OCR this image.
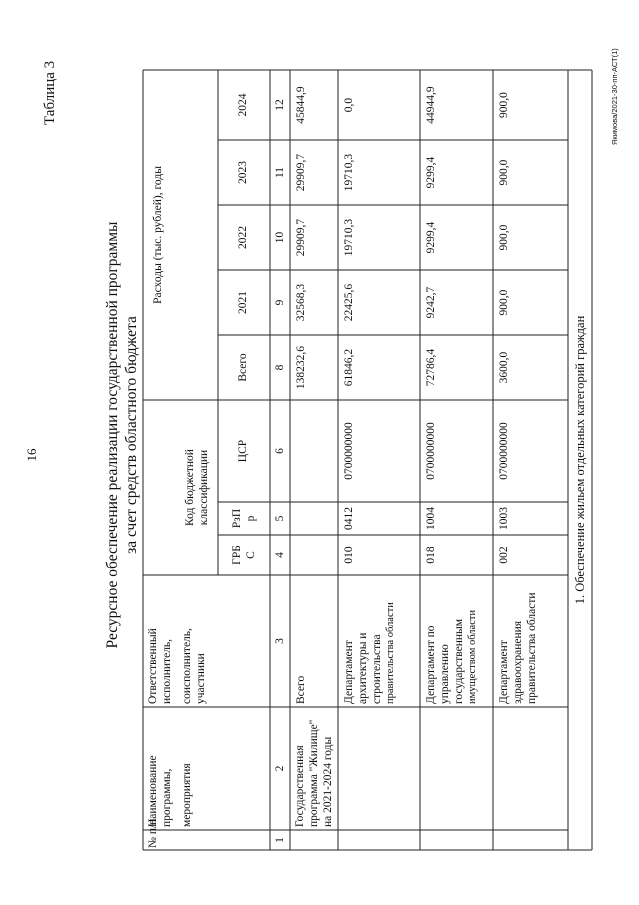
16
Таблица 3
Ресурсное обеспечение реализации государственной программы за счет средств областного бюджета
Якимова/2021-30-пп-АСТ(1)
№ п/п
Наименование программы, мероприятия
Ответственный исполнитель, соисполнитель, участники
Код бюджетной классификации
ГРБ С
РзП р
ЦСР
Расходы (тыс. рублей), годы
Всего
2021
2022
2023
2024
1
2
3
4
5
6
8
9
10
11
12
Государственная программа "Жилище" на 2021-2024 годы
Всего
138232,6
32568,3
29909,7
29909,7
45844,9
Департамент архитектуры и строительства правительства области
010
0412
0700000000
61846,2
22425,6
19710,3
19710,3
0,0
Департамент по управлению государственным имуществом области
018
1004
0700000000
72786,4
9242,7
9299,4
9299,4
44944,9
Департамент здравоохранения правительства области
002
1003
0700000000
3600,0
900,0
900,0
900,0
900,0
1. Обеспечение жильем отдельных категорий граждан
